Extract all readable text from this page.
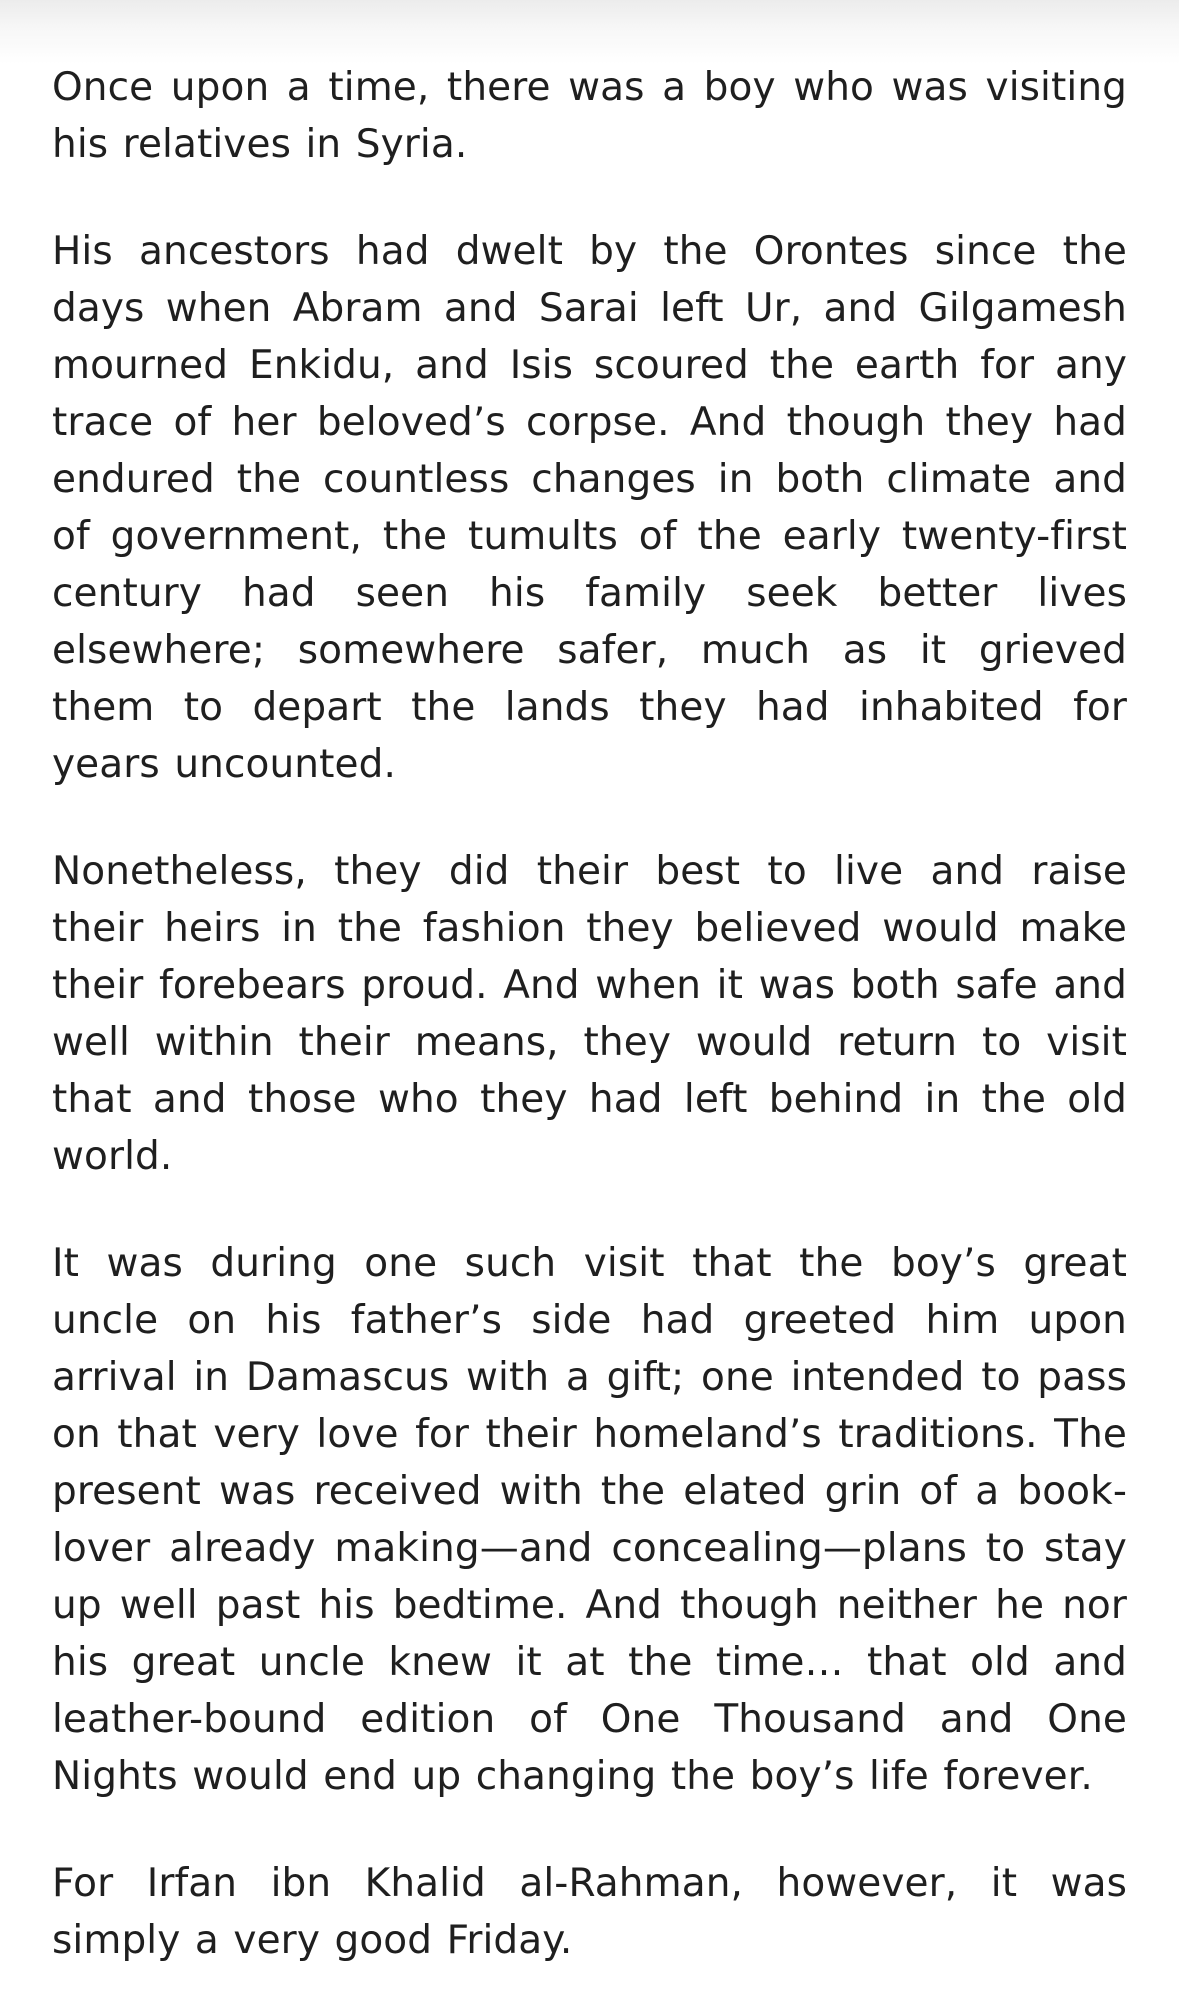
Once upon a time, there was a boy who was visiting his relatives in Syria.

His ancestors had dwelt by the Orontes since the days when Abram and Sarai left Ur, and Gilgamesh mourned Enkidu, and Isis scoured the earth for any trace of her beloved’s corpse. And though they had endured the countless changes in both climate and of government, the tumults of the early twenty-first century had seen his family seek better lives elsewhere; somewhere safer, much as it grieved them to depart the lands they had inhabited for years uncounted.

Nonetheless, they did their best to live and raise their heirs in the fashion they believed would make their forebears proud. And when it was both safe and well within their means, they would return to visit that and those who they had left behind in the old world.

It was during one such visit that the boy’s great uncle on his father’s side had greeted him upon arrival in Damascus with a gift; one intended to pass on that very love for their homeland’s traditions. The present was received with the elated grin of a book-lover already making—and concealing—plans to stay up well past his bedtime. And though neither he nor his great uncle knew it at the time… that old and leather-bound edition of One Thousand and One Nights would end up changing the boy’s life forever.

For Irfan ibn Khalid al-Rahman, however, it was simply a very good Friday.
